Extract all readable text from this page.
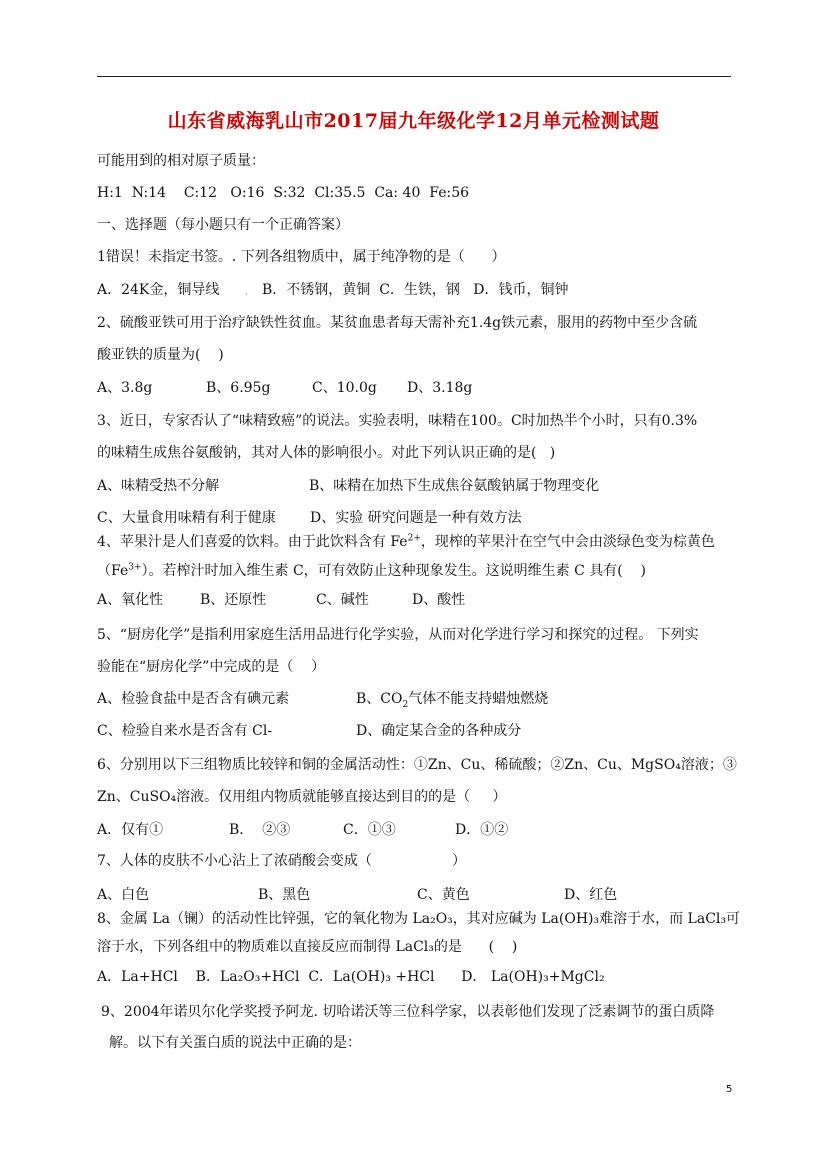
山东省威海乳山市2017届九年级化学12月单元检测试题
可能用到的相对原子质量：
H:1  N:14    C:12   O:16  S:32  Cl:35.5  Ca: 40  Fe:56
一、选择题（每小题只有一个正确答案）
1错误！未指定书签。. 下列各组物质中，属于纯净物的是（      ）
A．24K金，铜导线	， B．不锈钢，黄铜  C．生铁，钢   D．钱币，铜钟
2、硫酸亚铁可用于治疗缺铁性贫血。某贫血患者每天需补充1.4g铁元素，服用的药物中至少含硫
酸亚铁的质量为(    )
A、3.8g	B、6.95g	C、10.0g D、3.18g
3、近日，专家否认了“味精致癌”的说法。实验表明，味精在100。C时加热半个小时，只有0.3%
的味精生成焦谷氨酸钠，其对人体的影响很小。对此下列认识正确的是(   )
A、味精受热不分解	B、味精在加热下生成焦谷氨酸钠属于物理变化
C、大量食用味精有利于健康 D、实验 研究问题是一种有效方法
4、苹果汁是人们喜爱的饮料。由于此饮料含有 $Fe^{2+}$，现榨的苹果汁在空气中会由淡绿色变为棕黄色
$(Fe^{3+})$。若榨汁时加入维生素 C，可有效防止这种现象发生。这说明维生素 C 具有(    )
A、氧化性	B、还原性	C、碱性	D、酸性
5、“厨房化学”是指利用家庭生活用品进行化学实验，从而对化学进行学习和探究的过程。 下列实
验能在“厨房化学”中完成的是（    ）
A、检验食盐中是否含有碘元素	B、$CO_2$气体不能支持蜡烛燃烧
C、检验自来水是否含有 Cl-	D、确定某合金的各种成分
6、分别用以下三组物质比较锌和铜的金属活动性：①Zn、Cu、稀硫酸；②Zn、Cu、MgSO₄溶液；③
Zn、CuSO₄溶液。仅用组内物质就能够直接达到目的的是（     ）
A．仅有①	B．  ②③	C．①③	D．①②
7、人体的皮肤不小心沾上了浓硝酸会变成（                  ）
A、白色	B、黑色	C、黄色	D、红色
8、金属 La（镧）的活动性比锌强，它的氧化物为 La₂O₃，其对应碱为 La(OH)₃难溶于水，而 LaCl₃可
溶于水，下列各组中的物质难以直接反应而制得 LaCl₃的是      (    )
A．La+HCl    B．La₂O₃+HCl  C．La(OH)₃ +HCl      D． La(OH)₃+MgCl₂
9、2004年诺贝尔化学奖授予阿龙. 切哈诺沃等三位科学家，以表彰他们发现了泛素调节的蛋白质降
解。以下有关蛋白质的说法中正确的是：
5
